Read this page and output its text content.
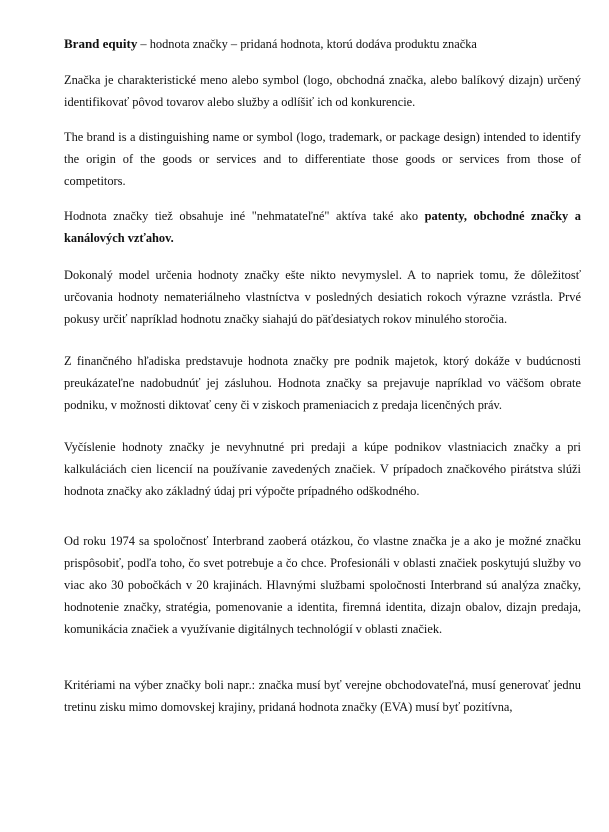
Brand equity – hodnota značky – pridaná hodnota, ktorú dodáva produktu značka

Značka je charakteristické meno alebo symbol (logo, obchodná značka, alebo balíkový dizajn) určený identifikovať pôvod tovarov alebo služby a odlíšiť ich od konkurencie.

The brand is a distinguishing name or symbol (logo, trademark, or package design) intended to identify the origin of the goods or services and to differentiate those goods or services from those of competitors.

Hodnota značky tiež obsahuje iné "nehmatateľné" aktíva také ako patenty, obchodné značky a kanálových vzťahov.

Dokonalý model určenia hodnoty značky ešte nikto nevymyslel. A to napriek tomu, že dôležitosť určovania hodnoty nemateriálneho vlastníctva v posledných desiatich rokoch výrazne vzrástla. Prvé pokusy určiť napríklad hodnotu značky siahajú do päťdesiatych rokov minulého storočia.

Z finančného hľadiska predstavuje hodnota značky pre podnik majetok, ktorý dokáže v budúcnosti preukázateľne nadobudnúť jej zásluhou. Hodnota značky sa prejavuje napríklad vo väčšom obrate podniku, v možnosti diktovať ceny či v ziskoch prameniacich z predaja licenčných práv.

Vyčíslenie hodnoty značky je nevyhnutné pri predaji a kúpe podnikov vlastniacich značky a pri kalkuláciách cien licencií na používanie zavedených značiek. V prípadoch značkového pirátstva slúži hodnota značky ako základný údaj pri výpočte prípadného odškodného.

Od roku 1974 sa spoločnosť Interbrand zaoberá otázkou, čo vlastne značka je a ako je možné značku prispôsobiť, podľa toho, čo svet potrebuje a čo chce. Profesionáli v oblasti značiek poskytujú služby vo viac ako 30 pobočkách v 20 krajinách. Hlavnými službami spoločnosti Interbrand sú analýza značky, hodnotenie značky, stratégia, pomenovanie a identita, firemná identita, dizajn obalov, dizajn predaja, komunikácia značiek a využívanie digitálnych technológií v oblasti značiek.

Kritériami na výber značky boli napr.: značka musí byť verejne obchodovateľná, musí generovať jednu tretinu zisku mimo domovskej krajiny, pridaná hodnota značky (EVA) musí byť pozitívna,
